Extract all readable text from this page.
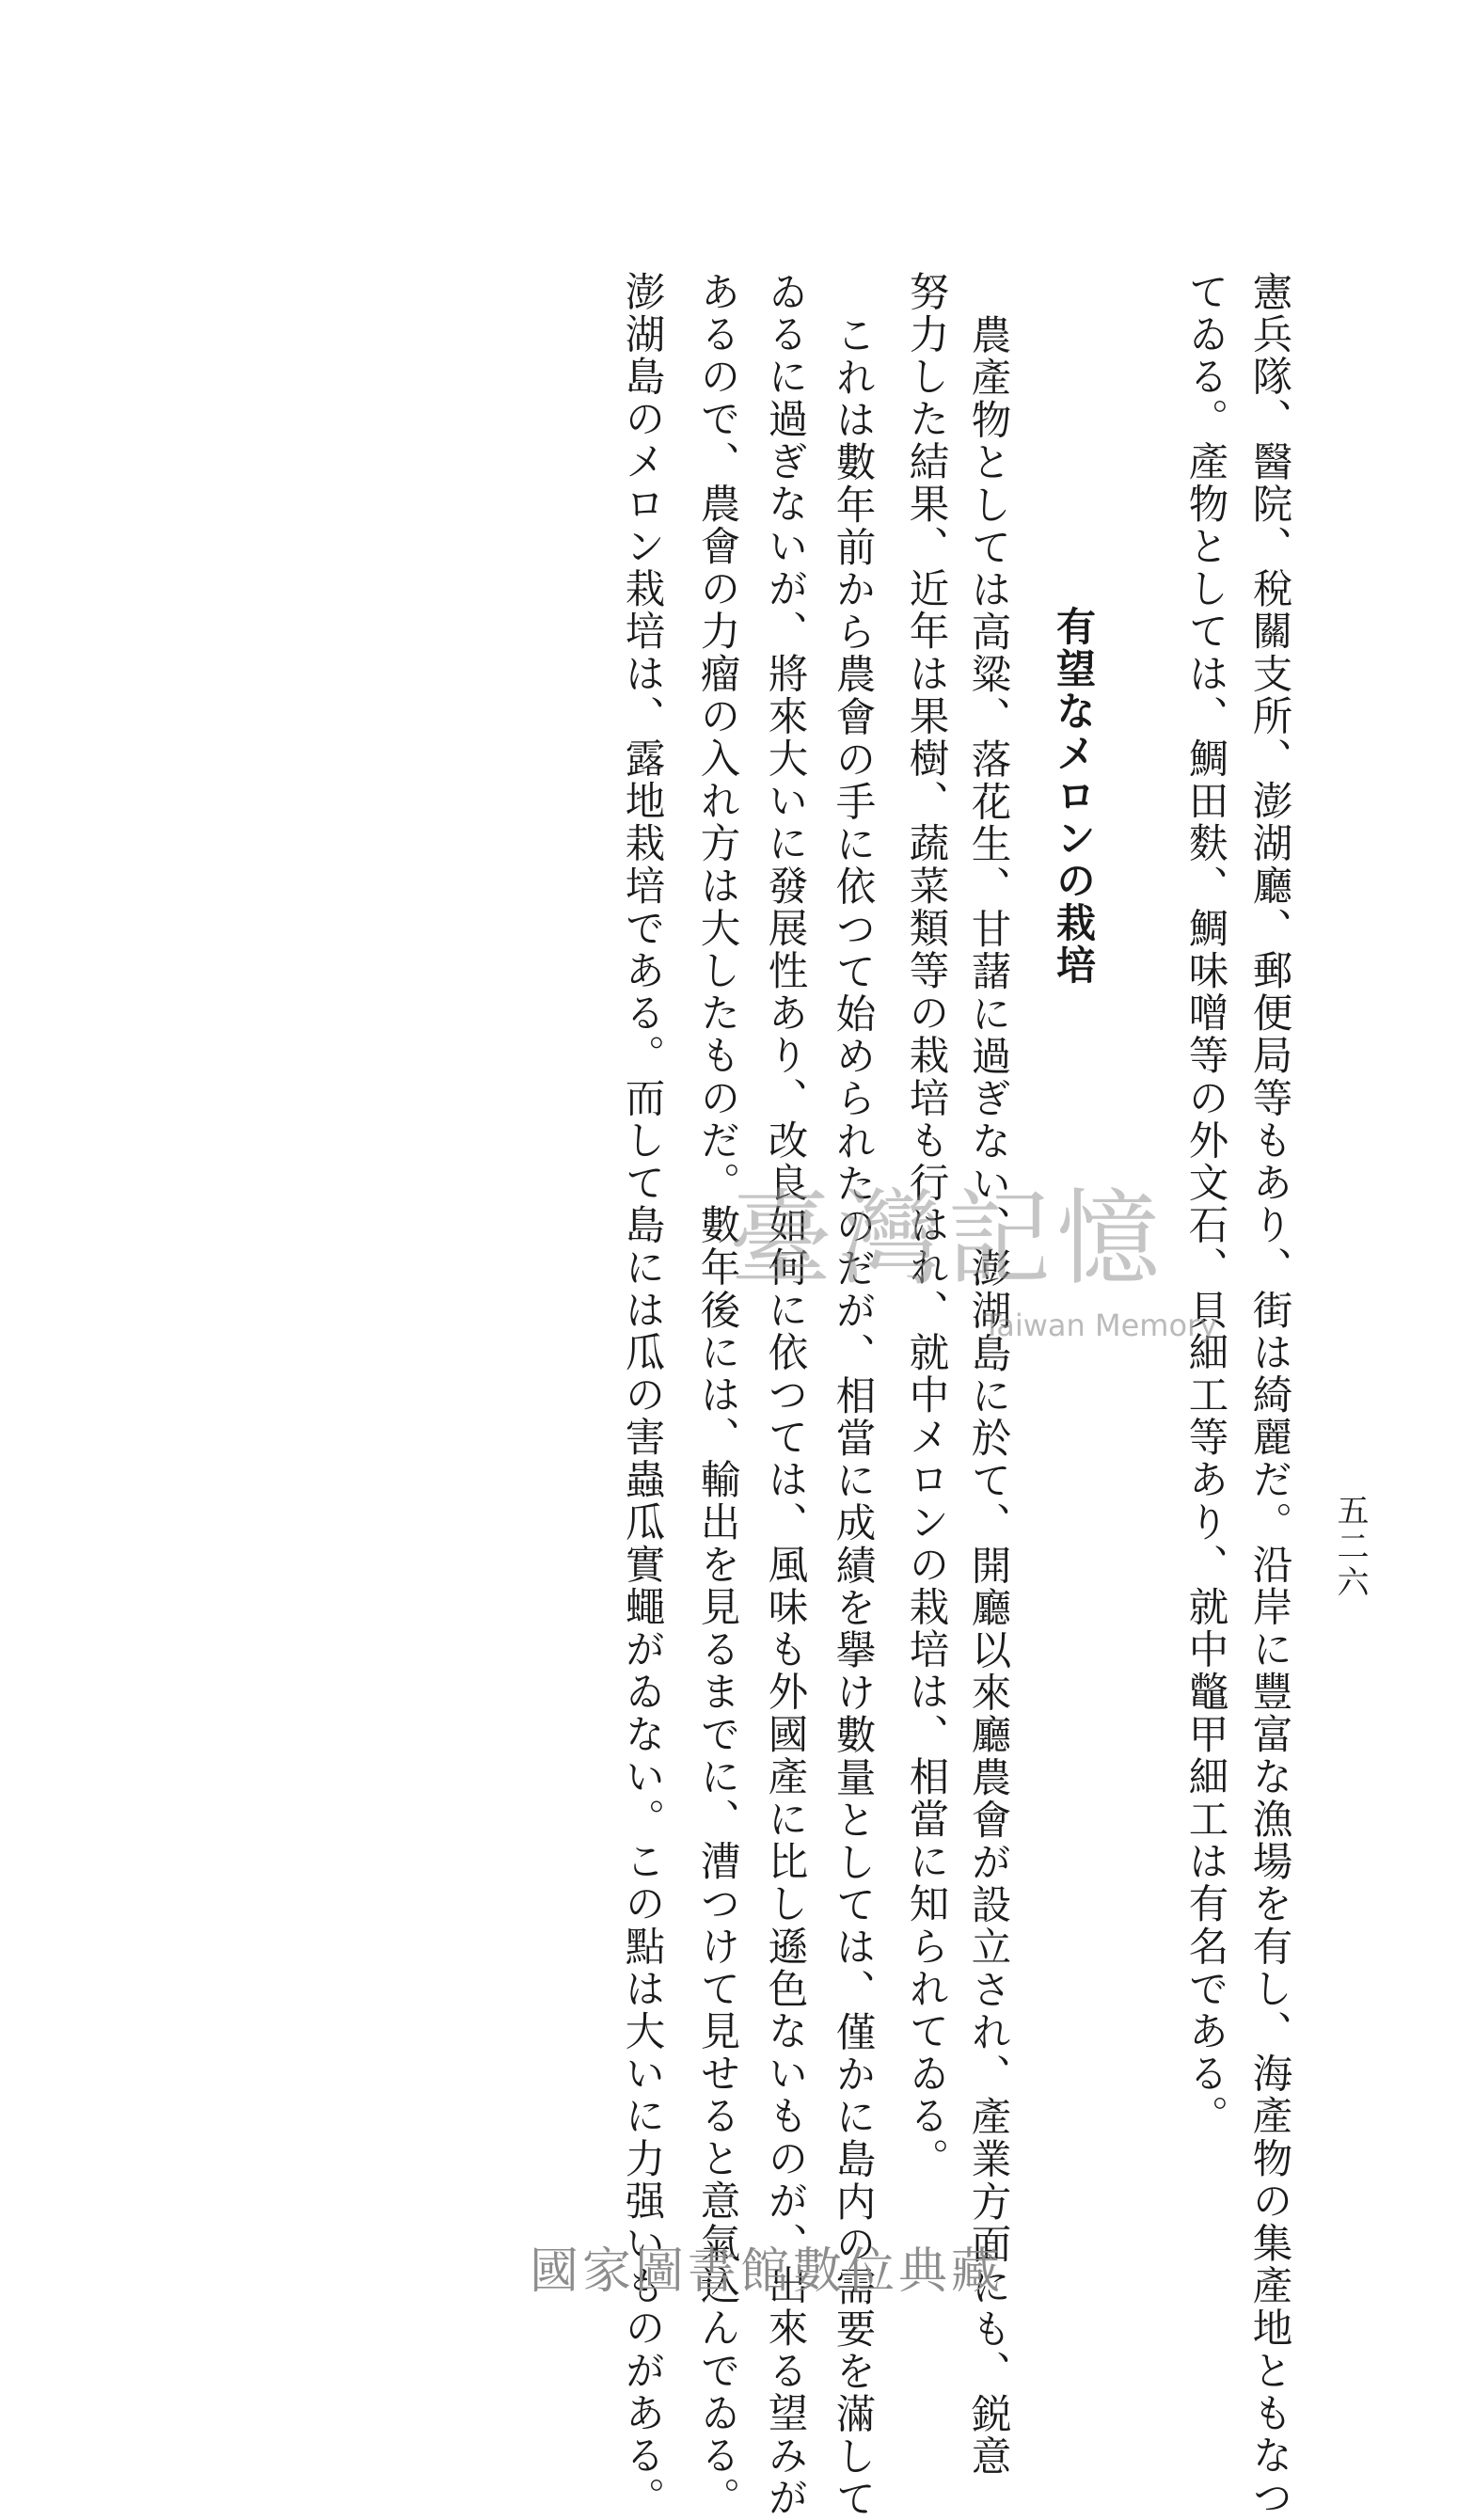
五二六
憲兵隊、醫院、稅關支所、澎湖廳、郵便局等もあり、街は綺麗だ。沿岸に豐富な漁場を有し、海產物の集產地ともなつ
てゐる。產物としては、鯛田麩、鯛味噌等の外文石、貝細工等あり、就中鼈甲細工は有名である。
有望なメロンの栽培
農產物としては高粱、落花生、甘藷に過ぎない、澎湖島に於て、開廳以來廳農會が設立され、產業方面にも、鋭意
努力した結果、近年は果樹、蔬菜類等の栽培も行はれ、就中メロンの栽培は、相當に知られてゐる。
これは數年前から農會の手に依つて始められたのだが、相當に成績を擧け數量としては、僅かに島内の需要を滿して
ゐるに過ぎないが、將來大いに發展性あり、改良如何に依つては、風味も外國產に比し遜色ないものが、出來る望みが
あるので、農會の力瘤の入れ方は大したものだ。數年後には、輸出を見るまでに、漕つけて見せると意氣込んでゐる。
澎湖島のメロン栽培は、露地栽培である。而して島には瓜の害蟲瓜實蠅がゐない。この點は大いに力强いものがある。 臺灣記憶
Taiwan Memory
國家圖書館數位典藏
